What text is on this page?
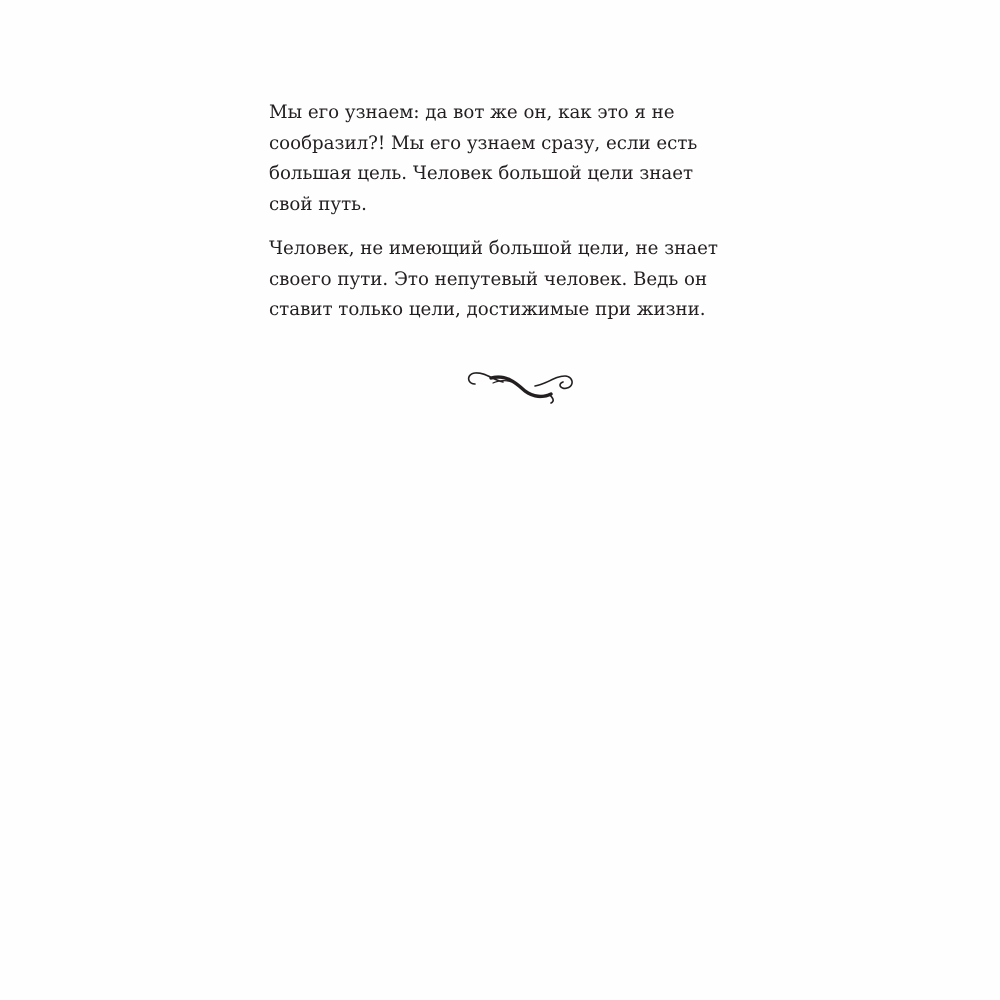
Мы его узнаем: да вот же он, как это я не
сообразил?! Мы его узнаем сразу, если есть
большая цель. Человек большой цели знает
свой путь.

Человек, не имеющий большой цели, не знает
своего пути. Это непутевый человек. Ведь он
ставит только цели, достижимые при жизни.
